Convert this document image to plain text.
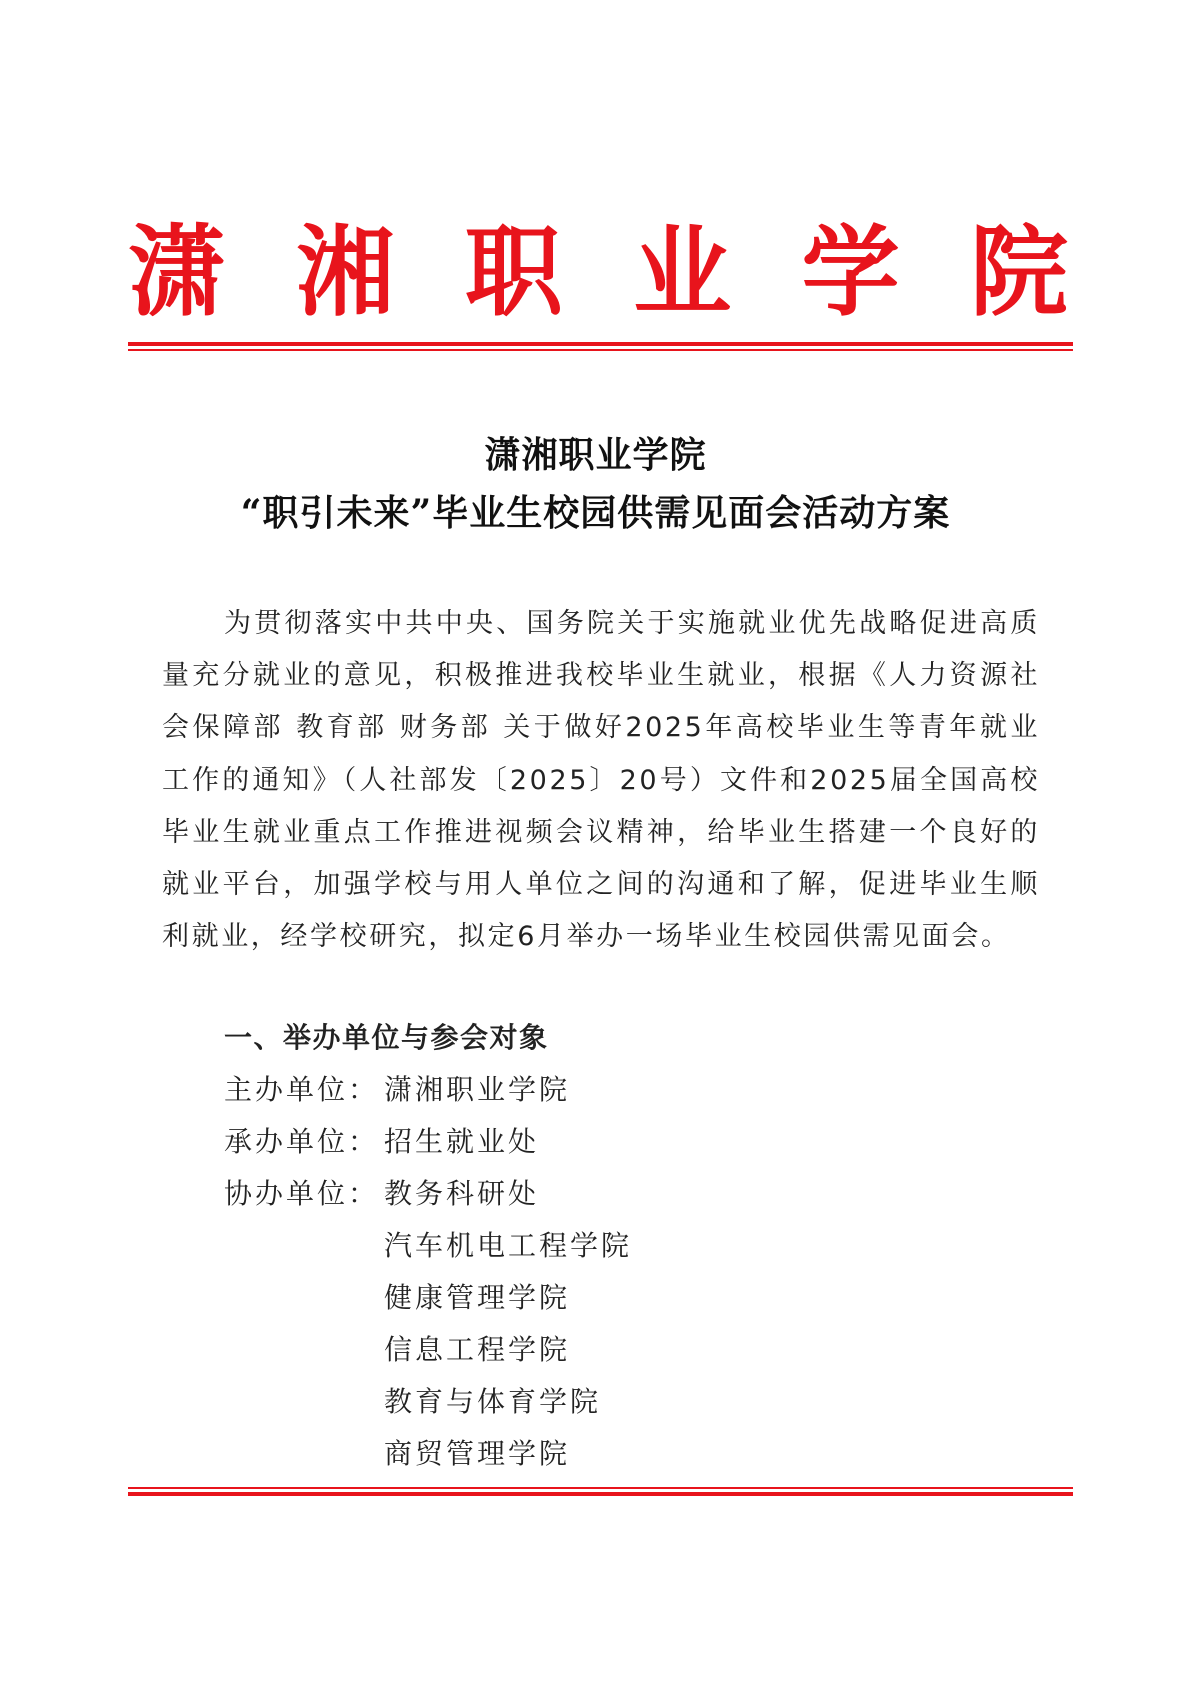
潇 湘 职 业 学 院
潇湘职业学院
“职引未来”毕业生校园供需见面会活动方案

为贯彻落实中共中央、国务院关于实施就业优先战略促进高质量充分就业的意见，积极推进我校毕业生就业，根据《人力资源社会保障部 教育部 财务部 关于做好2025年高校毕业生等青年就业工作的通知》（人社部发〔2025〕20号）文件和2025届全国高校毕业生就业重点工作推进视频会议精神，给毕业生搭建一个良好的就业平台，加强学校与用人单位之间的沟通和了解，促进毕业生顺利就业，经学校研究，拟定6月举办一场毕业生校园供需见面会。

一、举办单位与参会对象
主办单位： 潇湘职业学院
承办单位： 招生就业处
协办单位： 教务科研处
汽车机电工程学院
健康管理学院
信息工程学院
教育与体育学院
商贸管理学院
